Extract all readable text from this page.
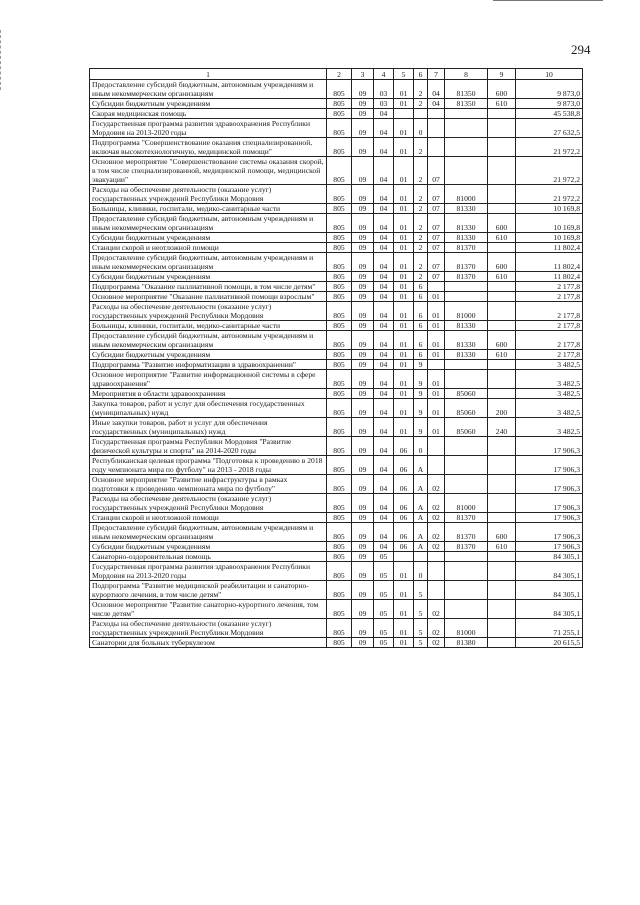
294
1	2	3	4	5	6	7	8	9	10
Предоставление субсидий бюджетным, автономным учреждениям и иным некоммерческим организациям	805	09	03	01	2	04	81350	600	9 873,0
Субсидии бюджетным учреждениям	805	09	03	01	2	04	81350	610	9 873,0
Скорая медицинская помощь	805	09	04						45 538,8
Государственная программа развития здравоохранения Республики Мордовия на 2013-2020 годы	805	09	04	01	0				27 632,5
Подпрограмма "Совершенствование оказания специализированной, включая высокотехнологичную, медицинской помощи"	805	09	04	01	2				21 972,2
Основное мероприятие "Совершенствование системы оказания скорой, в том числе специализированной, медицинской помощи, медицинской эвакуации"	805	09	04	01	2	07			21 972,2
Расходы на обеспечение деятельности (оказание услуг) государственных учреждений Республики Мордовия	805	09	04	01	2	07	81000		21 972,2
Больницы, клиники, госпитали, медико-санитарные части	805	09	04	01	2	07	81330		10 169,8
Предоставление субсидий бюджетным, автономным учреждениям и иным некоммерческим организациям	805	09	04	01	2	07	81330	600	10 169,8
Субсидии бюджетным учреждениям	805	09	04	01	2	07	81330	610	10 169,8
Станции скорой и неотложной помощи	805	09	04	01	2	07	81370		11 802,4
Предоставление субсидий бюджетным, автономным учреждениям и иным некоммерческим организациям	805	09	04	01	2	07	81370	600	11 802,4
Субсидии бюджетным учреждениям	805	09	04	01	2	07	81370	610	11 802,4
Подпрограмма "Оказание паллиативной помощи, в том числе детям"	805	09	04	01	6				2 177,8
Основное мероприятие "Оказание паллиативной помощи взрослым"	805	09	04	01	6	01			2 177,8
Расходы на обеспечение деятельности (оказание услуг) государственных учреждений Республики Мордовия	805	09	04	01	6	01	81000		2 177,8
Больницы, клиники, госпитали, медико-санитарные части	805	09	04	01	6	01	81330		2 177,8
Предоставление субсидий бюджетным, автономным учреждениям и иным некоммерческим организациям	805	09	04	01	6	01	81330	600	2 177,8
Субсидии бюджетным учреждениям	805	09	04	01	6	01	81330	610	2 177,8
Подпрограмма "Развитие информатизации в здравоохранении"	805	09	04	01	9				3 482,5
Основное мероприятие "Развитие информационной системы в сфере здравоохранения"	805	09	04	01	9	01			3 482,5
Мероприятия в области здравоохранения	805	09	04	01	9	01	85060		3 482,5
Закупка товаров, работ и услуг для обеспечения государственных (муниципальных) нужд	805	09	04	01	9	01	85060	200	3 482,5
Иные закупки товаров, работ и услуг для обеспечения государственных (муниципальных) нужд	805	09	04	01	9	01	85060	240	3 482,5
Государственная программа Республики Мордовия "Развитие физической культуры и спорта" на 2014-2020 годы	805	09	04	06	0				17 906,3
Республиканская целевая программа "Подготовка к проведению в 2018 году чемпионата мира по футболу" на 2013 - 2018 годы	805	09	04	06	А				17 906,3
Основное мероприятие "Развитие инфраструктуры в рамках подготовки к проведению чемпионата мира по футболу"	805	09	04	06	А	02			17 906,3
Расходы на обеспечение деятельности (оказание услуг) государственных учреждений Республики Мордовия	805	09	04	06	А	02	81000		17 906,3
Станции скорой и неотложной помощи	805	09	04	06	А	02	81370		17 906,3
Предоставление субсидий бюджетным, автономным учреждениям и иным некоммерческим организациям	805	09	04	06	А	02	81370	600	17 906,3
Субсидии бюджетным учреждениям	805	09	04	06	А	02	81370	610	17 906,3
Санаторно-оздоровительная помощь	805	09	05						84 305,1
Государственная программа развития здравоохранения Республики Мордовия на 2013-2020 годы	805	09	05	01	0				84 305,1
Подпрограмма "Развитие медицинской реабилитации и санаторно-курортного лечения, в том числе детям"	805	09	05	01	5				84 305,1
Основное мероприятие "Развитие санаторно-курортного лечения, том числе детям"	805	09	05	01	5	02			84 305,1
Расходы на обеспечение деятельности (оказание услуг) государственных учреждений Республики Мордовия	805	09	05	01	5	02	81000		71 255,1
Санатории для больных туберкулезом	805	09	05	01	5	02	81380		20 615,5
